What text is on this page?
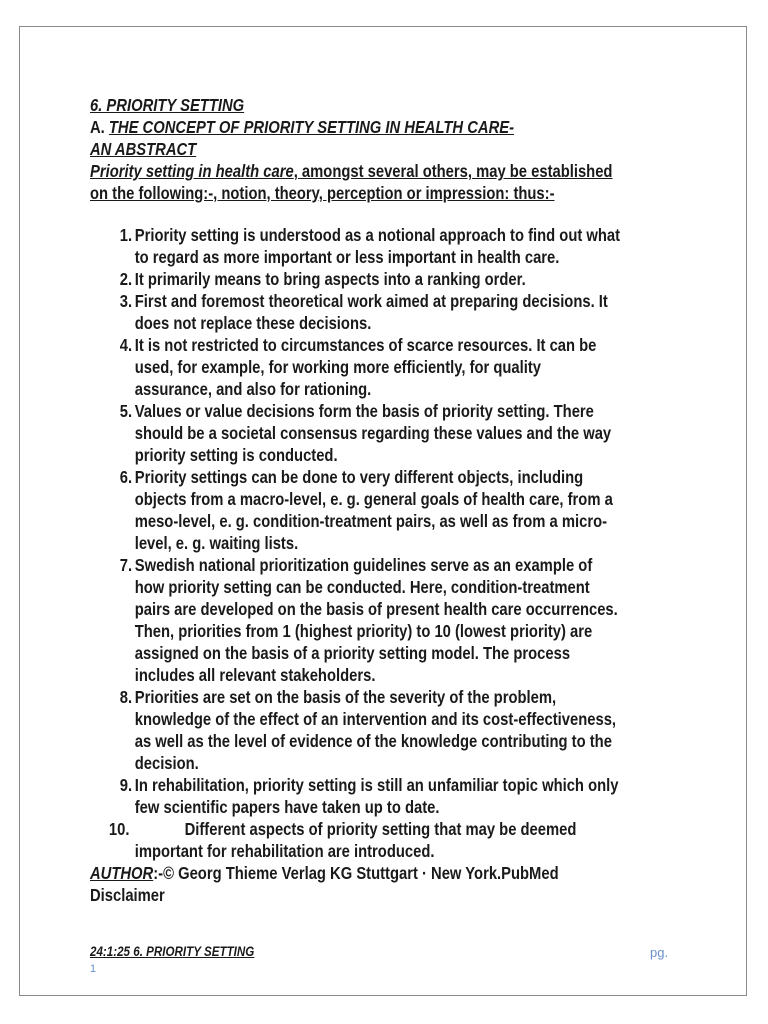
6. PRIORITY SETTING

A. THE CONCEPT OF PRIORITY SETTING IN HEALTH CARE-

AN ABSTRACT

Priority setting in health care, amongst several others, may be established

on the following:-, notion, theory, perception or impression: thus:-

1. Priority setting is understood as a notional approach to find out what
to regard as more important or less important in health care.
2. It primarily means to bring aspects into a ranking order.
3. First and foremost theoretical work aimed at preparing decisions. It
does not replace these decisions.
4. It is not restricted to circumstances of scarce resources. It can be
used, for example, for working more efficiently, for quality
assurance, and also for rationing.
5. Values or value decisions form the basis of priority setting. There
should be a societal consensus regarding these values and the way
priority setting is conducted.
6. Priority settings can be done to very different objects, including
objects from a macro-level, e. g. general goals of health care, from a
meso-level, e. g. condition-treatment pairs, as well as from a micro-
level, e. g. waiting lists.
7. Swedish national prioritization guidelines serve as an example of
how priority setting can be conducted. Here, condition-treatment
pairs are developed on the basis of present health care occurrences.
Then, priorities from 1 (highest priority) to 10 (lowest priority) are
assigned on the basis of a priority setting model. The process
includes all relevant stakeholders.
8. Priorities are set on the basis of the severity of the problem,
knowledge of the effect of an intervention and its cost-effectiveness,
as well as the level of evidence of the knowledge contributing to the
decision.
9. In rehabilitation, priority setting is still an unfamiliar topic which only
few scientific papers have taken up to date.
10.	Different aspects of priority setting that may be deemed
important for rehabilitation are introduced.

AUTHOR:-© Georg Thieme Verlag KG Stuttgart · New York.PubMed

Disclaimer

24:1:25 6. PRIORITY SETTING	pg.
1
